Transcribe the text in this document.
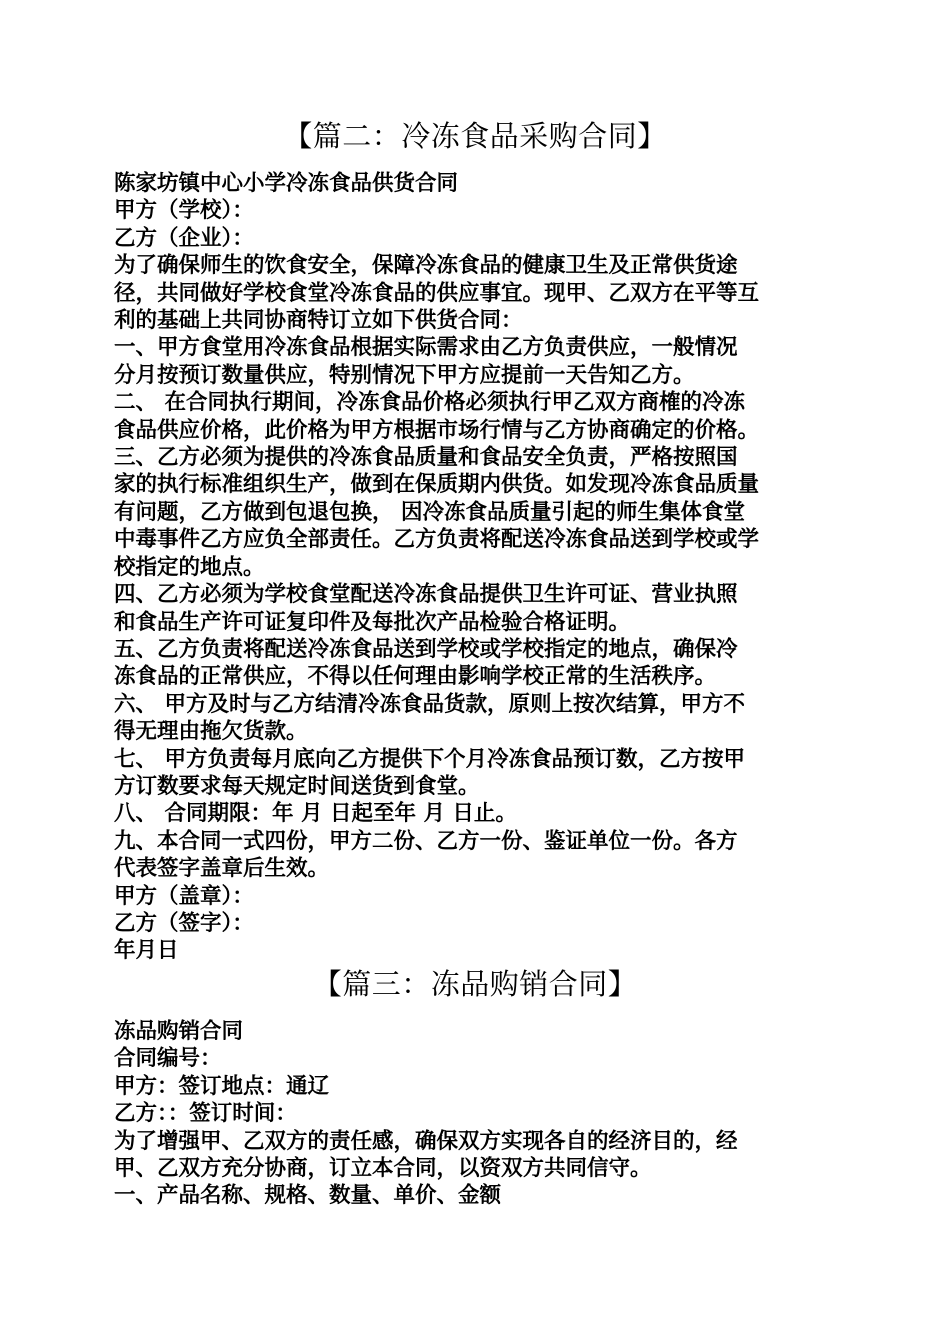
【篇二：冷冻食品采购合同】
陈家坊镇中心小学冷冻食品供货合同
甲方（学校）：
乙方（企业）：
为了确保师生的饮食安全，保障冷冻食品的健康卫生及正常供货途
径，共同做好学校食堂冷冻食品的供应事宜。现甲、乙双方在平等互
利的基础上共同协商特订立如下供货合同：
一、甲方食堂用冷冻食品根据实际需求由乙方负责供应，一般情况
分月按预订数量供应，特别情况下甲方应提前一天告知乙方。
二、 在合同执行期间，冷冻食品价格必须执行甲乙双方商榷的冷冻
食品供应价格，此价格为甲方根据市场行情与乙方协商确定的价格。
三、乙方必须为提供的冷冻食品质量和食品安全负责，严格按照国
家的执行标准组织生产，做到在保质期内供货。如发现冷冻食品质量
有问题，乙方做到包退包换， 因冷冻食品质量引起的师生集体食堂
中毒事件乙方应负全部责任。乙方负责将配送冷冻食品送到学校或学
校指定的地点。
四、乙方必须为学校食堂配送冷冻食品提供卫生许可证、营业执照
和食品生产许可证复印件及每批次产品检验合格证明。
五、乙方负责将配送冷冻食品送到学校或学校指定的地点，确保冷
冻食品的正常供应，不得以任何理由影响学校正常的生活秩序。
六、 甲方及时与乙方结清冷冻食品货款，原则上按次结算，甲方不
得无理由拖欠货款。
七、 甲方负责每月底向乙方提供下个月冷冻食品预订数，乙方按甲
方订数要求每天规定时间送货到食堂。
八、 合同期限：年 月 日起至年 月 日止。
九、本合同一式四份，甲方二份、乙方一份、鉴证单位一份。各方
代表签字盖章后生效。
甲方（盖章）：
乙方（签字）：
年月日
【篇三：冻品购销合同】
冻品购销合同
合同编号：
甲方：签订地点：通辽
乙方：：签订时间：
为了增强甲、乙双方的责任感，确保双方实现各自的经济目的，经
甲、乙双方充分协商，订立本合同，以资双方共同信守。
一、产品名称、规格、数量、单价、金额
